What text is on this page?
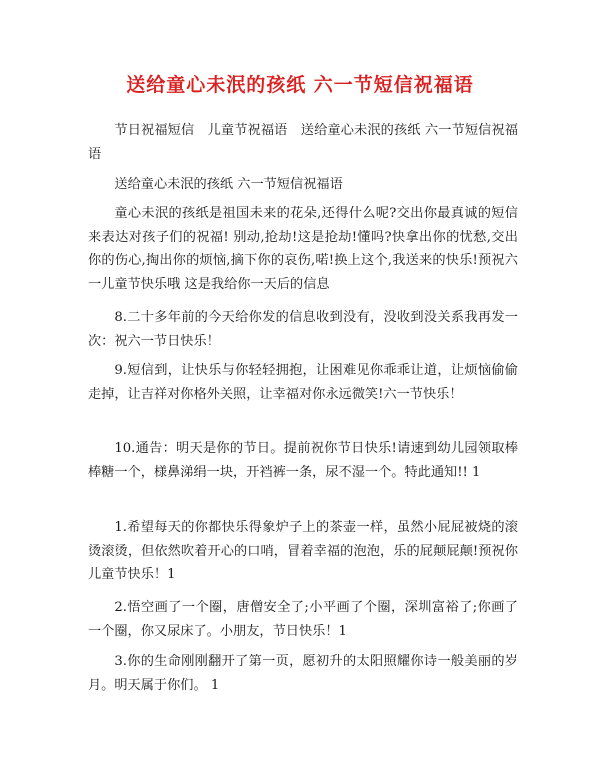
送给童心未泯的孩纸 六一节短信祝福语

节日祝福短信　儿童节祝福语　送给童心未泯的孩纸 六一节短信祝福语

送给童心未泯的孩纸 六一节短信祝福语

童心未泯的孩纸是祖国未来的花朵,还得什么呢?交出你最真诚的短信来表达对孩子们的祝福! 别动,抢劫!这是抢劫!懂吗?快拿出你的忧愁,交出你的伤心,掏出你的烦恼,摘下你的哀伤,喏!换上这个,我送来的快乐!预祝六一儿童节快乐哦 这是我给你一天后的信息

8.二十多年前的今天给你发的信息收到没有，没收到没关系我再发一次：祝六一节日快乐！

9.短信到，让快乐与你轻轻拥抱，让困难见你乖乖让道，让烦恼偷偷走掉，让吉祥对你格外关照，让幸福对你永远微笑!六一节快乐！

10.通告：明天是你的节日。提前祝你节日快乐!请速到幼儿园领取棒棒糖一个，様鼻涕绢一块，开裆裤一条，尿不湿一个。特此通知!! 1

1.希望每天的你都快乐得象炉子上的茶壶一样，虽然小屁屁被烧的滚烫滚烫，但依然吹着开心的口哨，冒着幸福的泡泡，乐的屁颠屁颠!预祝你儿童节快乐！1

2.悟空画了一个圈，唐僧安全了;小平画了个圈，深圳富裕了;你画了一个圈，你又尿床了。小朋友，节日快乐！1

3.你的生命刚刚翻开了第一页，愿初升的太阳照耀你诗一般美丽的岁月。明天属于你们。 1
